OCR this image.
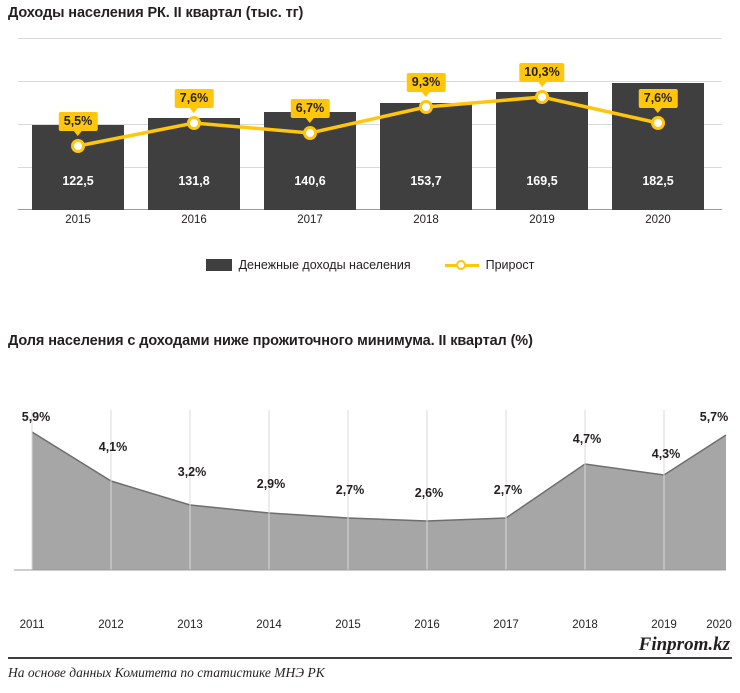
Доходы населения РК. II квартал (тыс. тг)
122,5	131,8	140,6	153,7	169,5	182,5
5,5%
7,6%
6,7%
9,3%
10,3%
7,6%
2015	2016	2017	2018	2019	2020
Денежные доходы населения	Прирост
Доля населения с доходами ниже прожиточного минимума. II квартал (%)
5,9%
4,1%
3,2%
2,9%	2,7%	2,6%	2,7%
4,7%
4,3%
5,7%
2011	2012	2013	2014	2015	2016	2017	2018	2019	2020
Finprom.kz
На основе данных Комитета по статистике МНЭ РК
